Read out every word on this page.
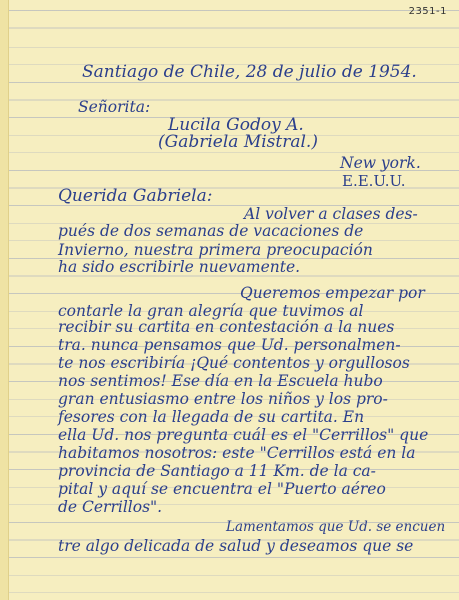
2351-1
Santiago de Chile, 28 de julio de 1954.
Señorita:
Lucila Godoy A.
(Gabriela Mistral.)
New york.
E.E.U.U.
Querida Gabriela:
Al volver a clases des-
pués de dos semanas de vacaciones de
Invierno, nuestra primera preocupación
ha sido escribirle nuevamente.
Queremos empezar por
contarle la gran alegría que tuvimos al
recibir su cartita en contestación a la nues
tra. nunca pensamos que Ud. personalmen-
te nos escribiría ¡Qué contentos y orgullosos
nos sentimos! Ese día en la Escuela hubo
gran entusiasmo entre los niños y los pro-
fesores con la llegada de su cartita. En
ella Ud. nos pregunta cuál es el "Cerrillos" que
habitamos nosotros: este "Cerrillos está en la
provincia de Santiago a 11 Km. de la ca-
pital y aquí se encuentra el "Puerto aéreo
de Cerrillos".
Lamentamos que Ud. se encuen
tre algo delicada de salud y deseamos que se
